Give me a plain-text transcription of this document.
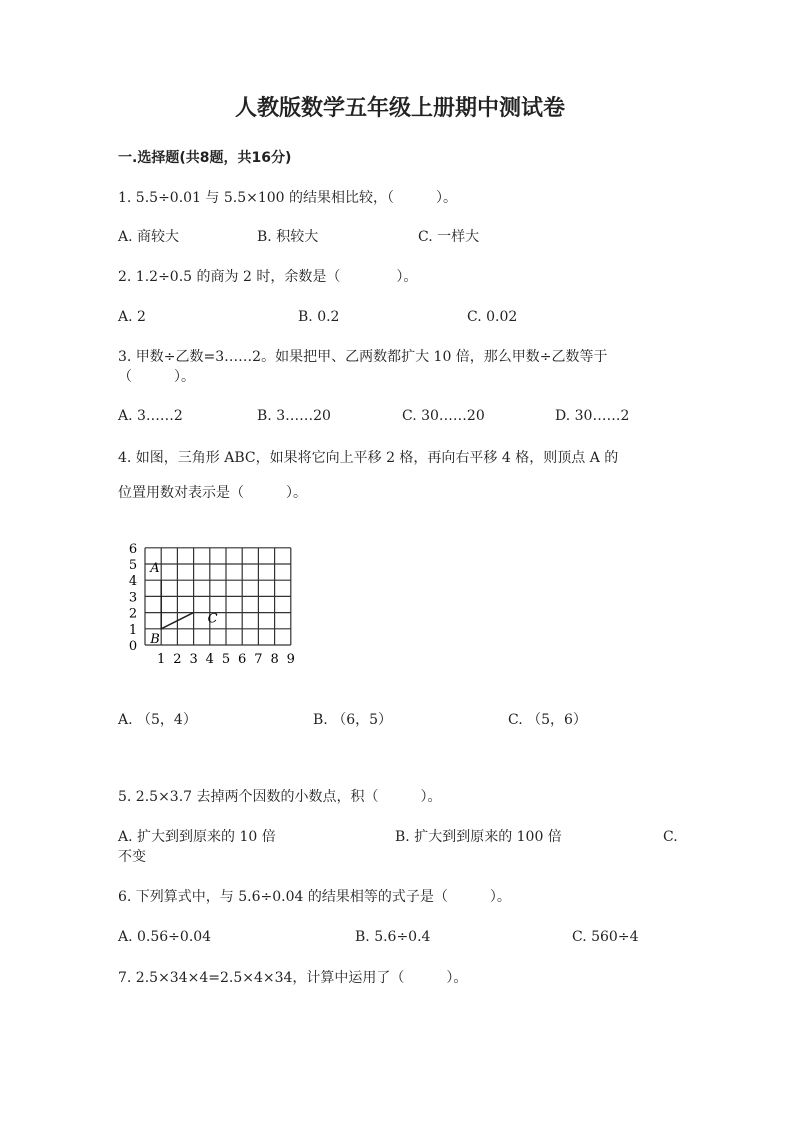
人教版数学五年级上册期中测试卷
一.选择题(共8题，共16分)
1. 5.5÷0.01 与 5.5×100 的结果相比较，（　　　）。
A. 商较大	B. 积较大	C. 一样大
2. 1.2÷0.5 的商为 2 时，余数是（　　　　）。
A. 2	B. 0.2	C. 0.02
3. 甲数÷乙数=3……2。如果把甲、乙两数都扩大 10 倍，那么甲数÷乙数等于
（　　　）。
A. 3……2	B. 3……20	C. 30……20	D. 30……2
4. 如图，三角形 ABC，如果将它向上平移 2 格，再向右平移 4 格，则顶点 A 的
位置用数对表示是（　　　）。
1 2 3 4 5 6 7 8 9
0
1
2
3
4
5
6
A
B
C
A. （5，4）	B. （6，5）	C. （5，6）
5. 2.5×3.7 去掉两个因数的小数点，积（　　　）。
A. 扩大到到原来的 10 倍	B. 扩大到到原来的 100 倍	C.
不变
6. 下列算式中，与 5.6÷0.04 的结果相等的式子是（　　　）。
A. 0.56÷0.04	B. 5.6÷0.4	C. 560÷4
7. 2.5×34×4=2.5×4×34，计算中运用了（　　　）。
